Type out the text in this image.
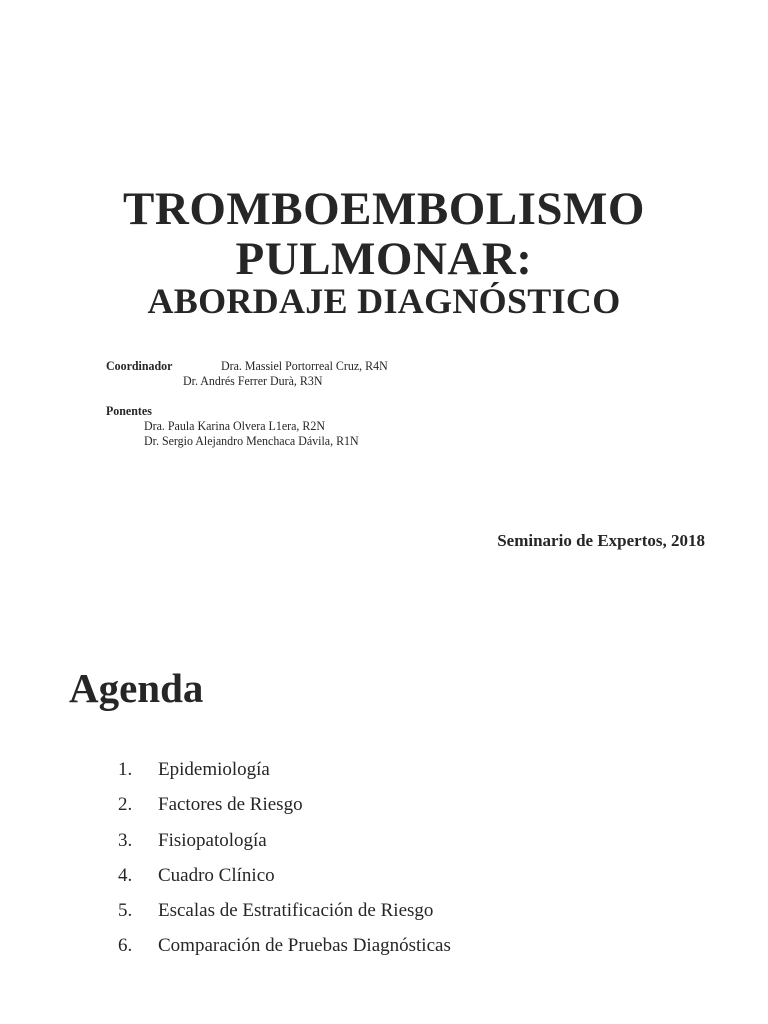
TROMBOEMBOLISMO
PULMONAR:
ABORDAJE DIAGNÓSTICO
Coordinador	Dra. Massiel Portorreal Cruz, R4N
Dr. Andrés Ferrer Durà, R3N
Ponentes
Dra. Paula Karina Olvera L1era, R2N
Dr. Sergio Alejandro Menchaca Dávila, R1N
Seminario de Expertos, 2018
Agenda
1.	Epidemiología
2.	Factores de Riesgo
3.	Fisiopatología
4.	Cuadro Clínico
5.	Escalas de Estratificación de Riesgo
6.	Comparación de Pruebas Diagnósticas
